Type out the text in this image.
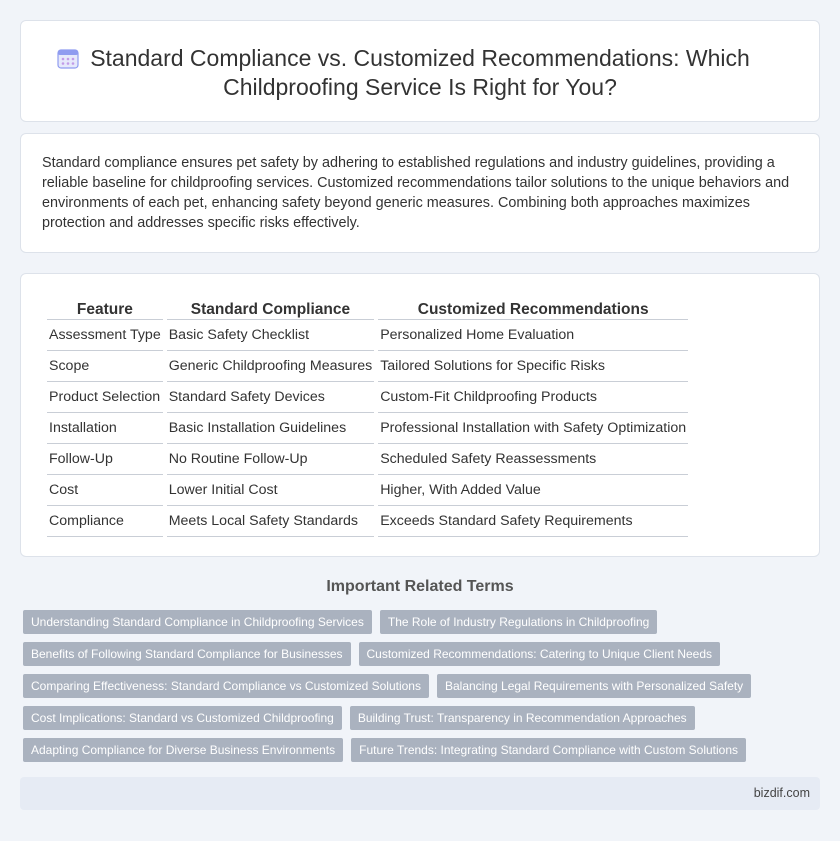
Standard Compliance vs. Customized Recommendations: Which Childproofing Service Is Right for You?

Standard compliance ensures pet safety by adhering to established regulations and industry guidelines, providing a reliable baseline for childproofing services. Customized recommendations tailor solutions to the unique behaviors and environments of each pet, enhancing safety beyond generic measures. Combining both approaches maximizes protection and addresses specific risks effectively.

Feature	Standard Compliance	Customized Recommendations
Assessment Type	Basic Safety Checklist	Personalized Home Evaluation
Scope	Generic Childproofing Measures	Tailored Solutions for Specific Risks
Product Selection	Standard Safety Devices	Custom-Fit Childproofing Products
Installation	Basic Installation Guidelines	Professional Installation with Safety Optimization
Follow-Up	No Routine Follow-Up	Scheduled Safety Reassessments
Cost	Lower Initial Cost	Higher, With Added Value
Compliance	Meets Local Safety Standards	Exceeds Standard Safety Requirements
Important Related Terms
Understanding Standard Compliance in Childproofing Services	The Role of Industry Regulations in Childproofing
Benefits of Following Standard Compliance for Businesses	Customized Recommendations: Catering to Unique Client Needs
Comparing Effectiveness: Standard Compliance vs Customized Solutions	Balancing Legal Requirements with Personalized Safety
Cost Implications: Standard vs Customized Childproofing	Building Trust: Transparency in Recommendation Approaches
Adapting Compliance for Diverse Business Environments	Future Trends: Integrating Standard Compliance with Custom Solutions
bizdif.com
